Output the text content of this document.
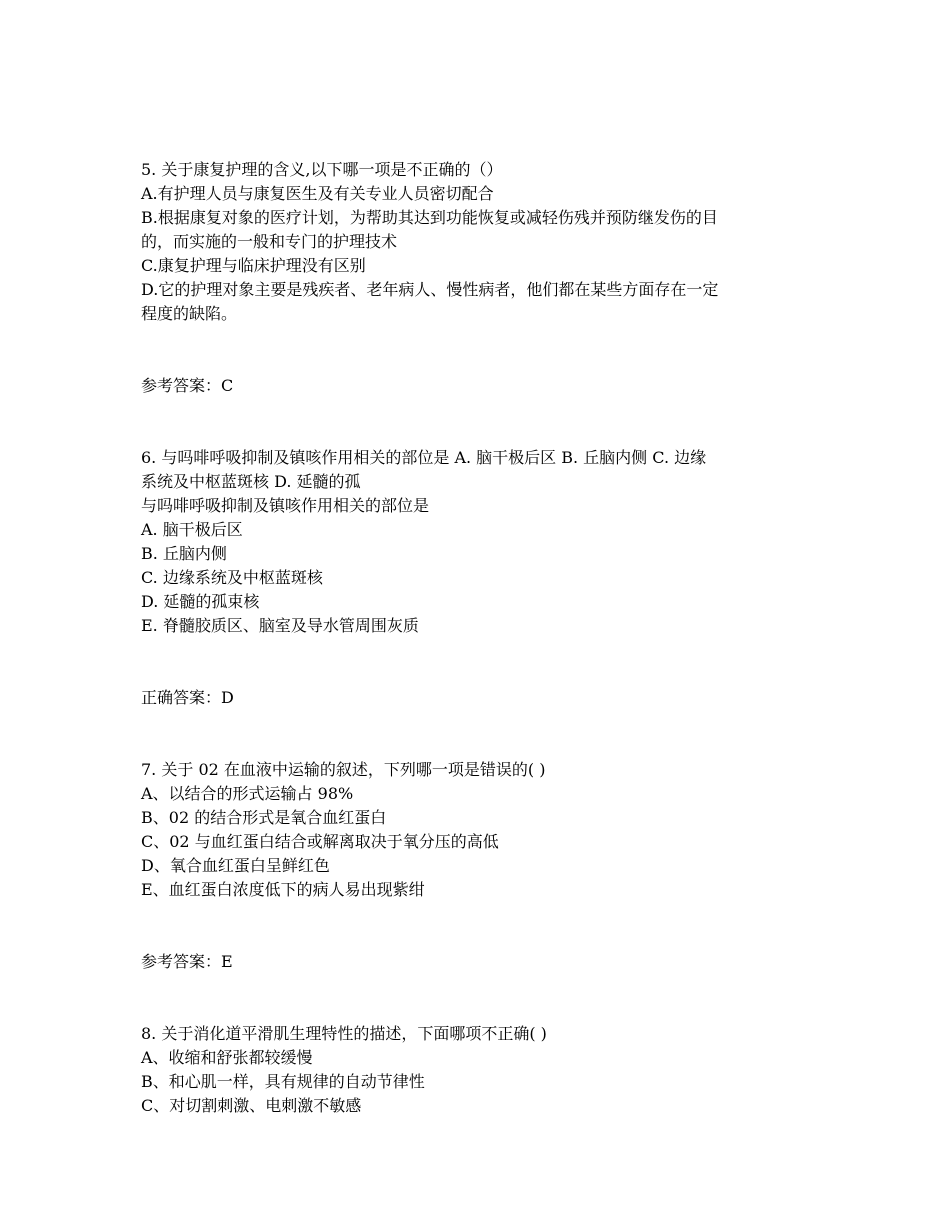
5. 关于康复护理的含义,以下哪一项是不正确的（）
A.有护理人员与康复医生及有关专业人员密切配合
B.根据康复对象的医疗计划，为帮助其达到功能恢复或减轻伤残并预防继发伤的目
的，而实施的一般和专门的护理技术
C.康复护理与临床护理没有区别
D.它的护理对象主要是残疾者、老年病人、慢性病者，他们都在某些方面存在一定
程度的缺陷。
参考答案：C
6. 与吗啡呼吸抑制及镇咳作用相关的部位是 A. 脑干极后区 B. 丘脑内侧 C. 边缘
系统及中枢蓝斑核 D. 延髓的孤
与吗啡呼吸抑制及镇咳作用相关的部位是
A. 脑干极后区
B. 丘脑内侧
C. 边缘系统及中枢蓝斑核
D. 延髓的孤束核
E. 脊髓胶质区、脑室及导水管周围灰质
正确答案：D
7. 关于 02 在血液中运输的叙述，下列哪一项是错误的( )
A、以结合的形式运输占 98%
B、02 的结合形式是氧合血红蛋白
C、02 与血红蛋白结合或解离取决于氧分压的高低
D、氧合血红蛋白呈鲜红色
E、血红蛋白浓度低下的病人易出现紫绀
参考答案：E
8. 关于消化道平滑肌生理特性的描述，下面哪项不正确( )
A、收缩和舒张都较缓慢
B、和心肌一样，具有规律的自动节律性
C、对切割刺激、电刺激不敏感
